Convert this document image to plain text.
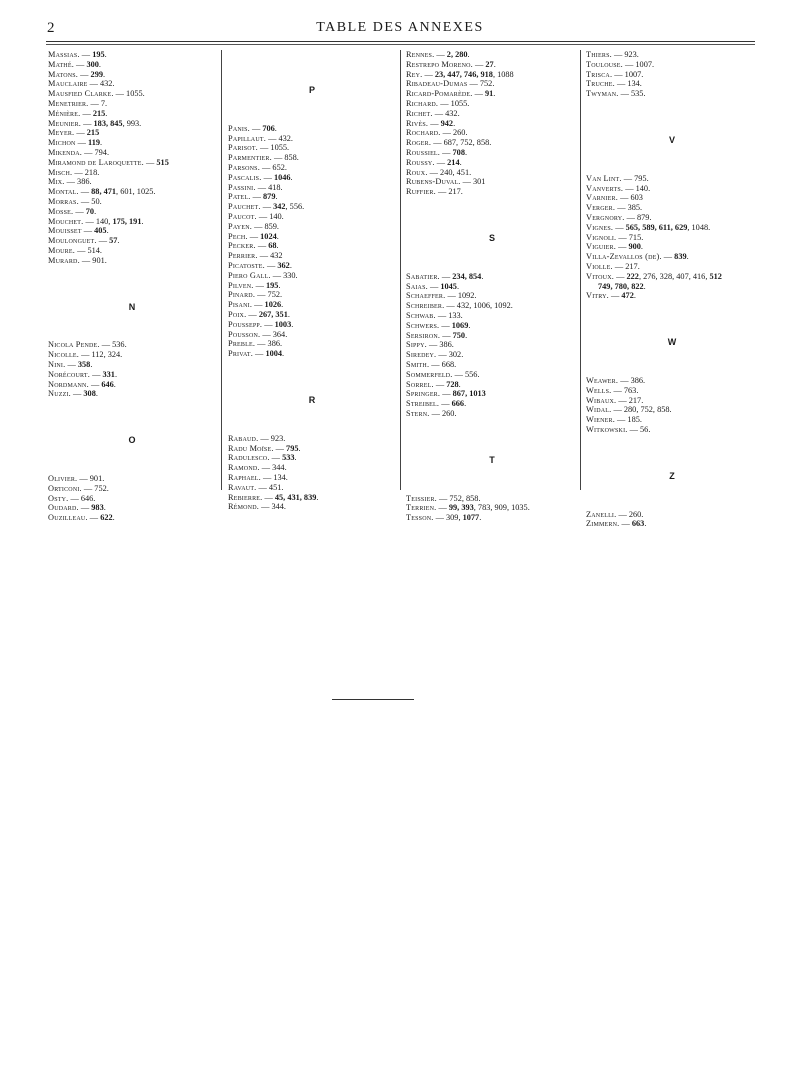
2	TABLE DES ANNEXES
Massias. — 195.
Mathé. — 300.
Matons. — 299.
Mauclaire — 432.
Mausfied Clarke. — 1055.
Menetrier. — 7.
Ménière. — 215.
Meunier. — 183, 845, 993.
Meyer. — 215
Michon — 119.
Mikenda. — 794.
Miramond de Laroquette. — 515
Misch. — 218.
Mix. — 386.
Montal. — 88, 471, 601, 1025.
Morras. — 50.
Mosse. — 70.
Mouchet. — 140, 175, 191.
Mouisset — 405.
Moulonguet. — 57.
Moure. — 514.
Murard. — 901.
N
Nicola Pende. — 536.
Nicolle. — 112, 324.
Nini. — 358.
Norécourt. — 331.
Nordmann. — 646.
Nuzzi. — 308.
O
Olivier. — 901.
Orticoni. — 752.
Osty. — 646.
Oudard. — 983.
Ouzilleau. — 622.
P
Panis. — 706.
Papillaut. — 432.
Parisot. — 1055.
Parmentier. — 858.
Parsons. — 652.
Pascalis. — 1046.
Passini. — 418.
Patel. — 879.
Pauchet. — 342, 556.
Paucot. — 140.
Payen. — 859.
Pech. — 1024.
Pecker. — 68.
Perrier. — 432
Picatoste. — 362.
Piero Gall. — 330.
Pilven. — 195.
Pinard. — 752.
Pisani. — 1026.
Poix. — 267, 351.
Poussepp. — 1003.
Pousson. — 364.
Preble. — 386.
Privat. — 1004.
R
Rabaud. — 923.
Radu Moïse. — 795.
Radulesco. — 533.
Ramond. — 344.
Raphael. — 134.
Ravaut. — 451.
Rebierre. — 45, 431, 839.
Rémond. — 344.
Rennes. — 2, 280.
Restrepo Moreno. — 27.
Rey. — 23, 447, 746, 918, 1088
Ribadeau-Dumas — 752.
Ricard-Pomarède. — 91.
Richard. — 1055.
Richet. — 432.
Rivès. — 942.
Rochard. — 260.
Roger. — 687, 752, 858.
Roussiel. — 708.
Roussy. — 214.
Roux. — 240, 451.
Rubens-Duval. — 301
Ruffier. — 217.
S
Sabatier. — 234, 854.
Saias. — 1045.
Schaeffer. — 1092.
Schreiber. — 432, 1006, 1092.
Schwab. — 133.
Schwers. — 1069.
Sersiron. — 750.
Sippy. — 386.
Siredey. — 302.
Smith. — 668.
Sommerfeld. — 556.
Sorrel. — 728.
Springer. — 867, 1013
Streibel. — 666.
Stern. — 260.
T
Teissier. — 752, 858.
Terrien. — 99, 393, 783, 909, 1035.
Tesson. — 309, 1077.
Thiers. — 923.
Toulouse. — 1007.
Trisca. — 1007.
Truche. — 134.
Twyman. — 535.
V
Van Lint. — 795.
Vanverts. — 140.
Varnier. — 603
Verger. — 385.
Vergnory. — 879.
Vignes. — 565, 589, 611, 629, 1048.
Vignoli. — 715.
Viguier. — 900.
Villa-Zevallos (de). — 839.
Violle. — 217.
Vitoux. — 222, 276, 328, 407, 416, 512
749, 780, 822.
Vitry. — 472.
W
Weawer. — 386.
Wells. — 763.
Wibaux. — 217.
Widal. — 280, 752, 858.
Wiener. — 185.
Witkowski. — 56.
Z
Zanelli. — 260.
Zimmern. — 663.
